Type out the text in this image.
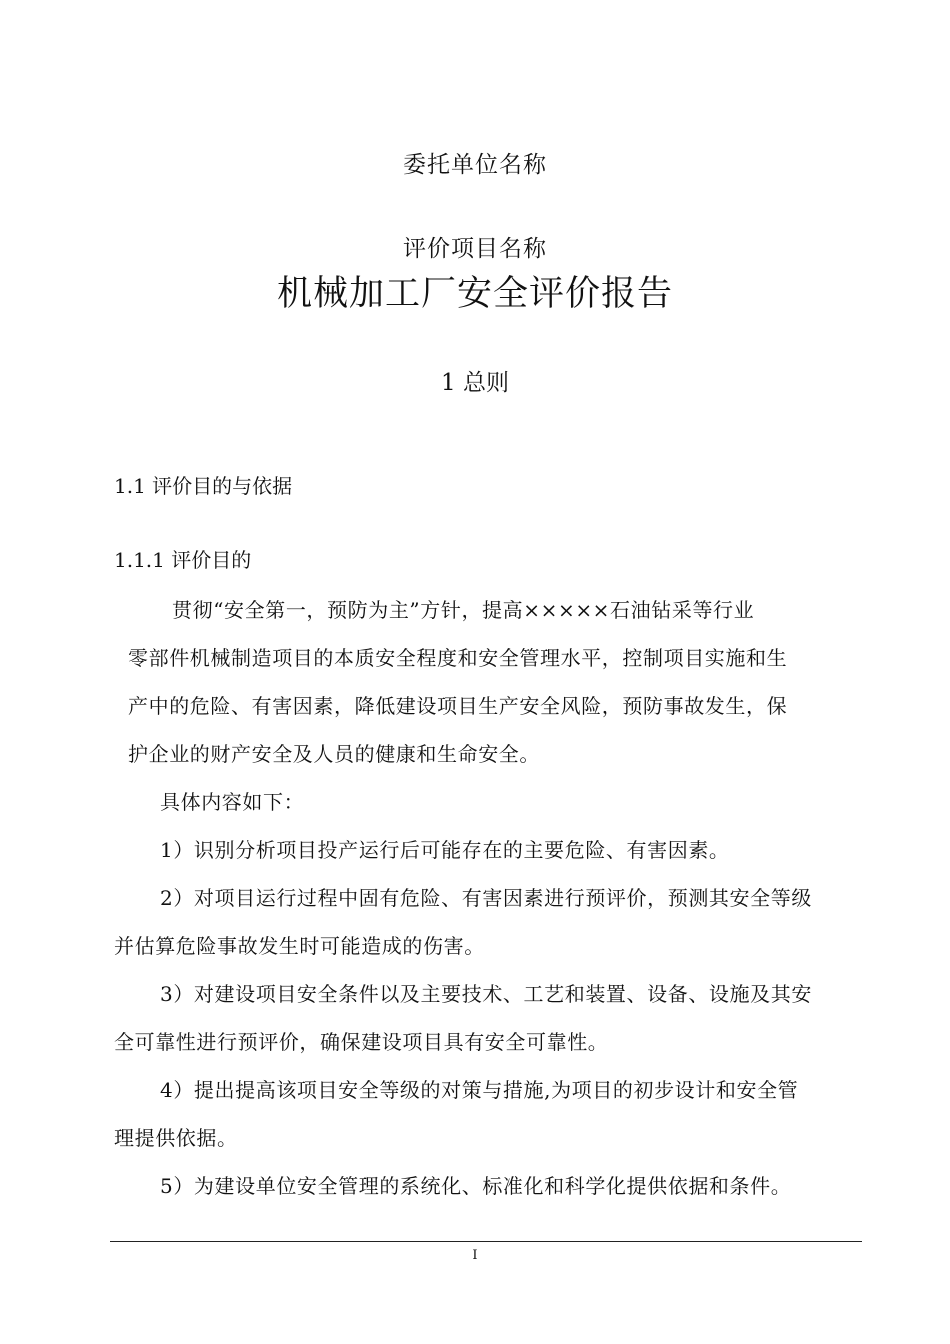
委托单位名称
评价项目名称
机械加工厂安全评价报告
1 总则
1.1 评价目的与依据
1.1.1 评价目的
贯彻“安全第一，预防为主”方针，提高×××××石油钻采等行业
零部件机械制造项目的本质安全程度和安全管理水平，控制项目实施和生
产中的危险、有害因素，降低建设项目生产安全风险，预防事故发生，保
护企业的财产安全及人员的健康和生命安全。
具体内容如下：
1）识别分析项目投产运行后可能存在的主要危险、有害因素。
2）对项目运行过程中固有危险、有害因素进行预评价，预测其安全等级
并估算危险事故发生时可能造成的伤害。
3）对建设项目安全条件以及主要技术、工艺和装置、设备、设施及其安
全可靠性进行预评价，确保建设项目具有安全可靠性。
4）提出提高该项目安全等级的对策与措施,为项目的初步设计和安全管
理提供依据。
5）为建设单位安全管理的系统化、标准化和科学化提供依据和条件。
I
